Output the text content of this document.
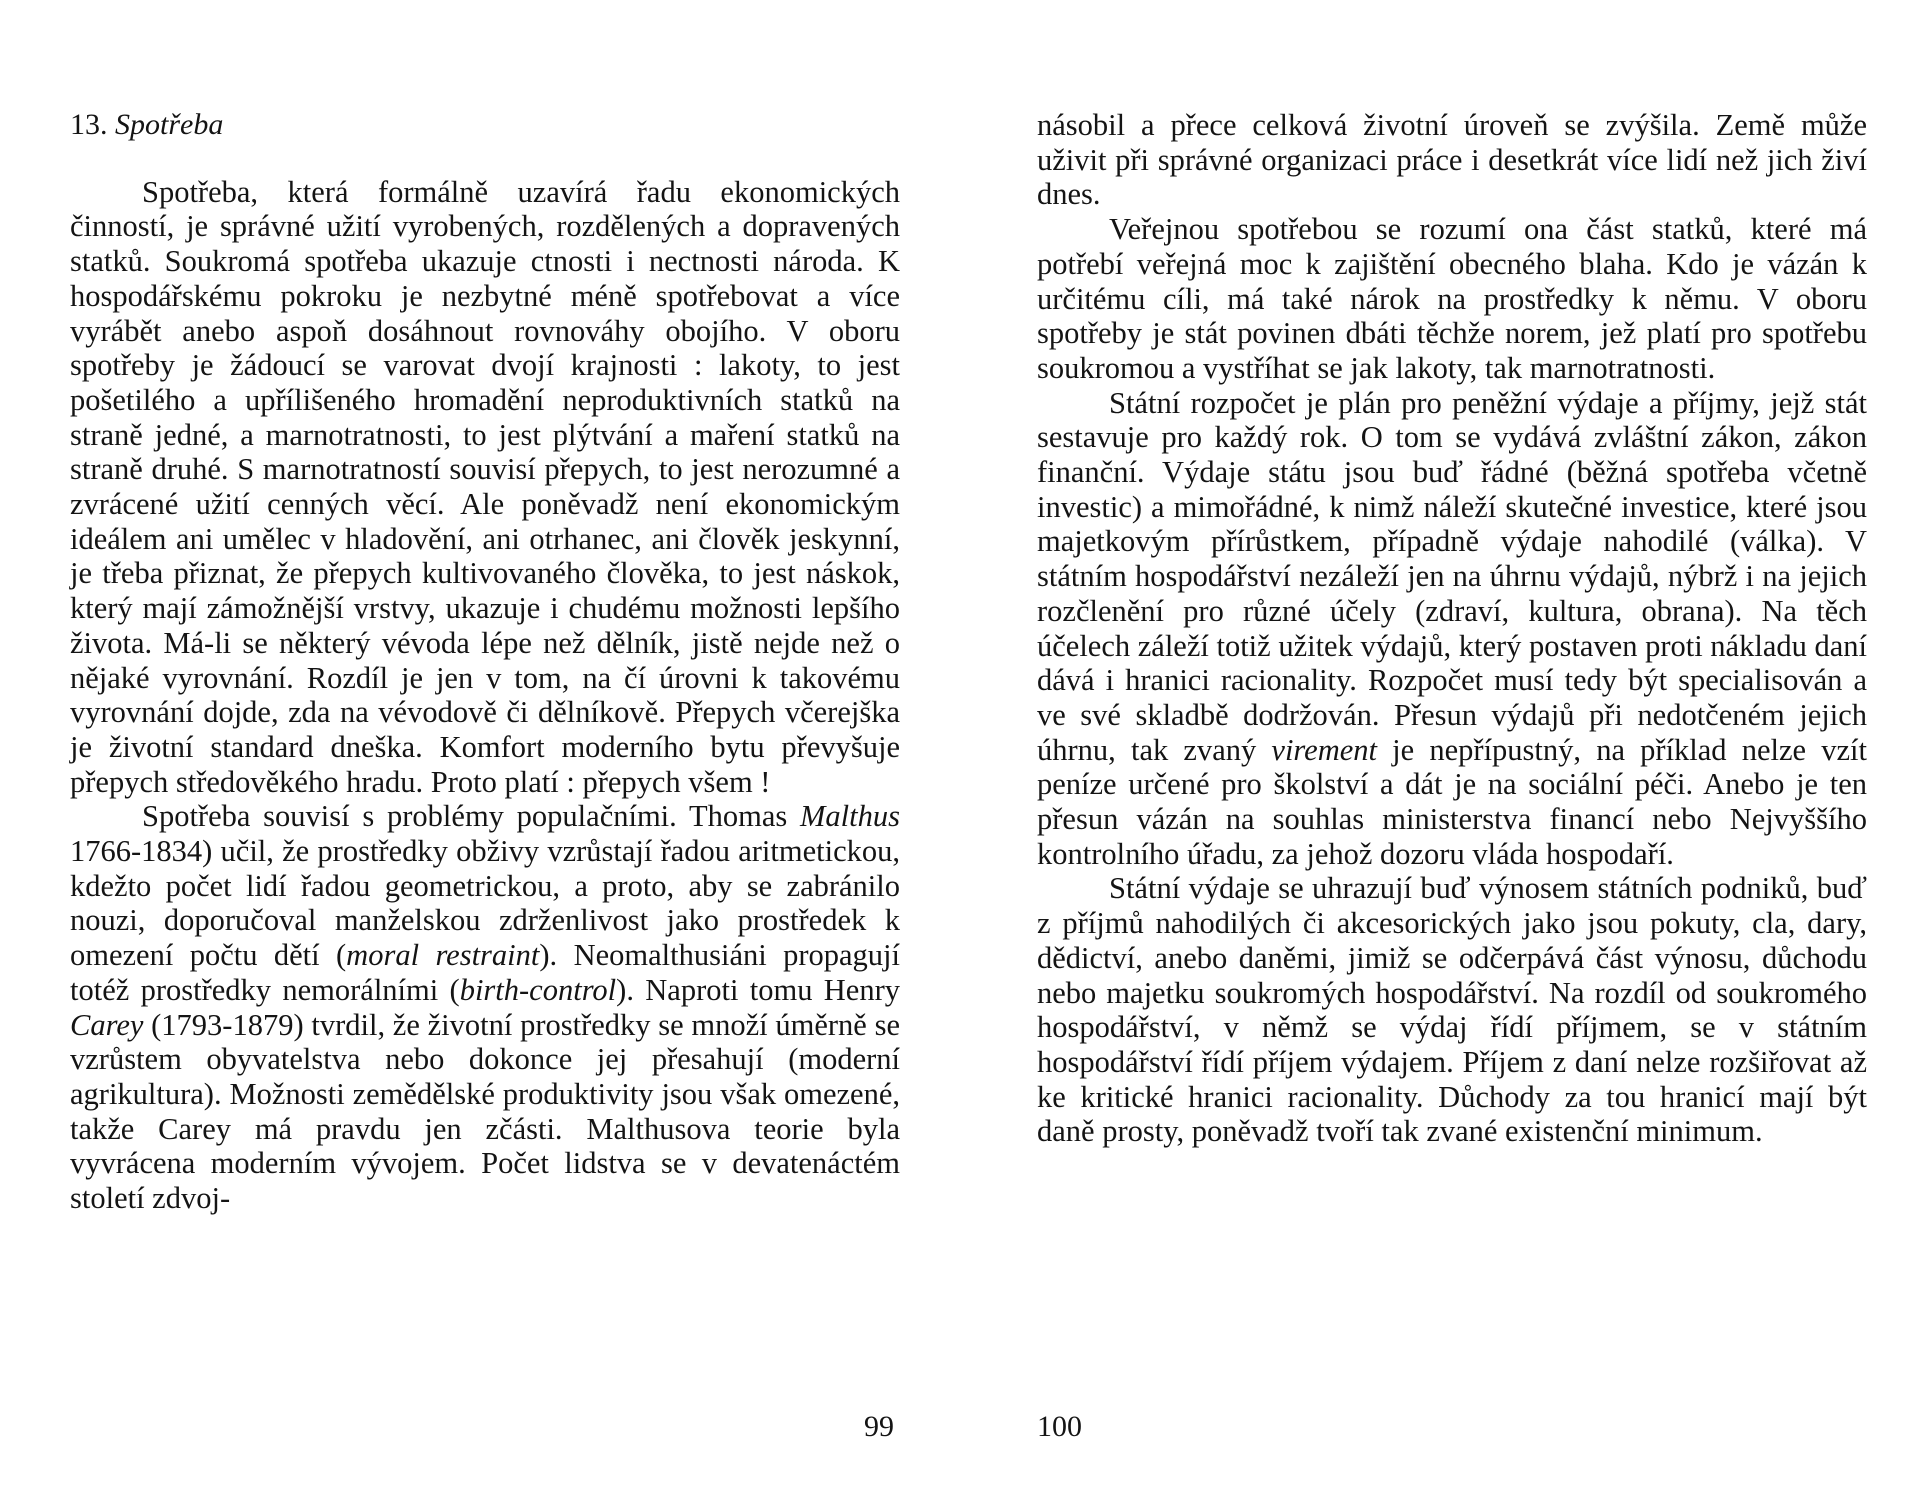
13. Spotřeba

Spotřeba, která formálně uzavírá řadu ekonomických činností, je správné užití vyrobených, rozdělených a dopravených statků. Soukromá spotřeba ukazuje ctnosti i nectnosti národa. K hospodářskému pokroku je nezbytné méně spotřebovat a více vyrábět anebo aspoň dosáhnout rovnováhy obojího. V oboru spotřeby je žádoucí se varovat dvojí krajnosti : lakoty, to jest pošetilého a upřílišeného hromadění neproduktivních statků na straně jedné, a marnotratnosti, to jest plýtvání a maření statků na straně druhé. S marnotratností souvisí přepych, to jest nerozumné a zvrácené užití cenných věcí. Ale poněvadž není ekonomickým ideálem ani umělec v hladovění, ani otrhanec, ani člověk jeskynní, je třeba přiznat, že přepych kultivovaného člověka, to jest náskok, který mají zámožnější vrstvy, ukazuje i chudému možnosti lepšího života. Má-li se některý vévoda lépe než dělník, jistě nejde než o nějaké vyrovnání. Rozdíl je jen v tom, na čí úrovni k takovému vyrovnání dojde, zda na vévodově či dělníkově. Přepych včerejška je životní standard dneška. Komfort moderního bytu převyšuje přepych středověkého hradu. Proto platí : přepych všem !

Spotřeba souvisí s problémy populačními. Thomas Malthus 1766-1834) učil, že prostředky obživy vzrůstají řadou aritmetickou, kdežto počet lidí řadou geometrickou, a proto, aby se zabránilo nouzi, doporučoval manželskou zdrženlivost jako prostředek k omezení počtu dětí (moral restraint). Neomalthusiáni propagují totéž prostředky nemorálními (birth-control). Naproti tomu Henry Carey (1793-1879) tvrdil, že životní prostředky se množí úměrně se vzrůstem obyvatelstva nebo dokonce jej přesahují (moderní agrikultura). Možnosti zemědělské produktivity jsou však omezené, takže Carey má pravdu jen zčásti. Malthusova teorie byla vyvrácena moderním vývojem. Počet lidstva se v devatenáctém století zdvoj-

násobil a přece celková životní úroveň se zvýšila. Země může uživit při správné organizaci práce i desetkrát více lidí než jich živí dnes.

Veřejnou spotřebou se rozumí ona část statků, které má potřebí veřejná moc k zajištění obecného blaha. Kdo je vázán k určitému cíli, má také nárok na prostředky k němu. V oboru spotřeby je stát povinen dbáti těchže norem, jež platí pro spotřebu soukromou a vystříhat se jak lakoty, tak marnotratnosti.

Státní rozpočet je plán pro peněžní výdaje a příjmy, jejž stát sestavuje pro každý rok. O tom se vydává zvláštní zákon, zákon finanční. Výdaje státu jsou buď řádné (běžná spotřeba včetně investic) a mimořádné, k nimž náleží skutečné investice, které jsou majetkovým přírůstkem, případně výdaje nahodilé (válka). V státním hospodářství nezáleží jen na úhrnu výdajů, nýbrž i na jejich rozčlenění pro různé účely (zdraví, kultura, obrana). Na těch účelech záleží totiž užitek výdajů, který postaven proti nákladu daní dává i hranici racionality. Rozpočet musí tedy být specialisován a ve své skladbě dodržován. Přesun výdajů při nedotčeném jejich úhrnu, tak zvaný virement je nepřípustný, na příklad nelze vzít peníze určené pro školství a dát je na sociální péči. Anebo je ten přesun vázán na souhlas ministerstva financí nebo Nejvyššího kontrolního úřadu, za jehož dozoru vláda hospodaří.

Státní výdaje se uhrazují buď výnosem státních podniků, buď z příjmů nahodilých či akcesorických jako jsou pokuty, cla, dary, dědictví, anebo daněmi, jimiž se odčerpává část výnosu, důchodu nebo majetku soukromých hospodářství. Na rozdíl od soukromého hospodářství, v němž se výdaj řídí příjmem, se v státním hospodářství řídí příjem výdajem. Příjem z daní nelze rozšiřovat až ke kritické hranici racionality. Důchody za tou hranicí mají být daně prosty, poněvadž tvoří tak zvané existenční minimum.

99	100
